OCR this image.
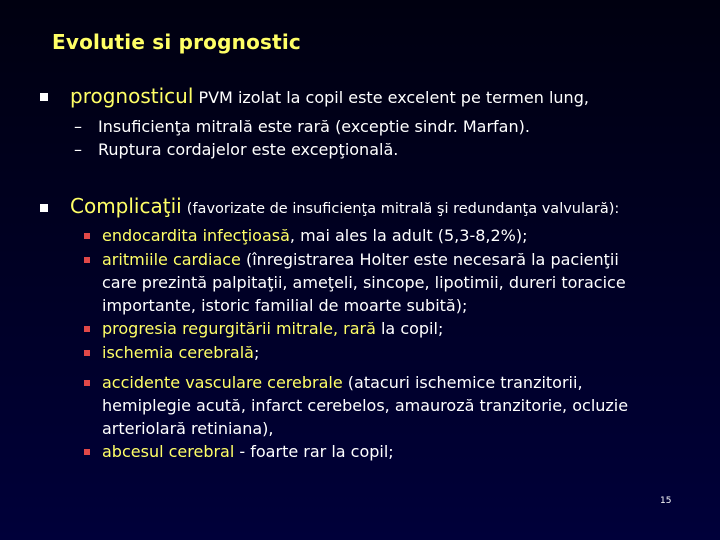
Evolutie si prognostic
prognosticul PVM izolat la copil este excelent pe termen lung,
– Insuficienţa mitrală este rară (exceptie sindr. Marfan).
– Ruptura cordajelor este excepţională.
Complicaţii (favorizate de insuficienţa mitrală şi redundanţa valvulară):
endocardita infecţioasă, mai ales la adult (5,3-8,2%);
aritmiile cardiace (înregistrarea Holter este necesară la pacienţii
care prezintă palpitaţii, ameţeli, sincope, lipotimii, dureri toracice
importante, istoric familial de moarte subită);
progresia regurgitării mitrale, rară la copil;
ischemia cerebrală;
accidente vasculare cerebrale (atacuri ischemice tranzitorii,
hemiplegie acută, infarct cerebelos, amauroză tranzitorie, ocluzie
arteriolară retiniana),
abcesul cerebral - foarte rar la copil;
15
